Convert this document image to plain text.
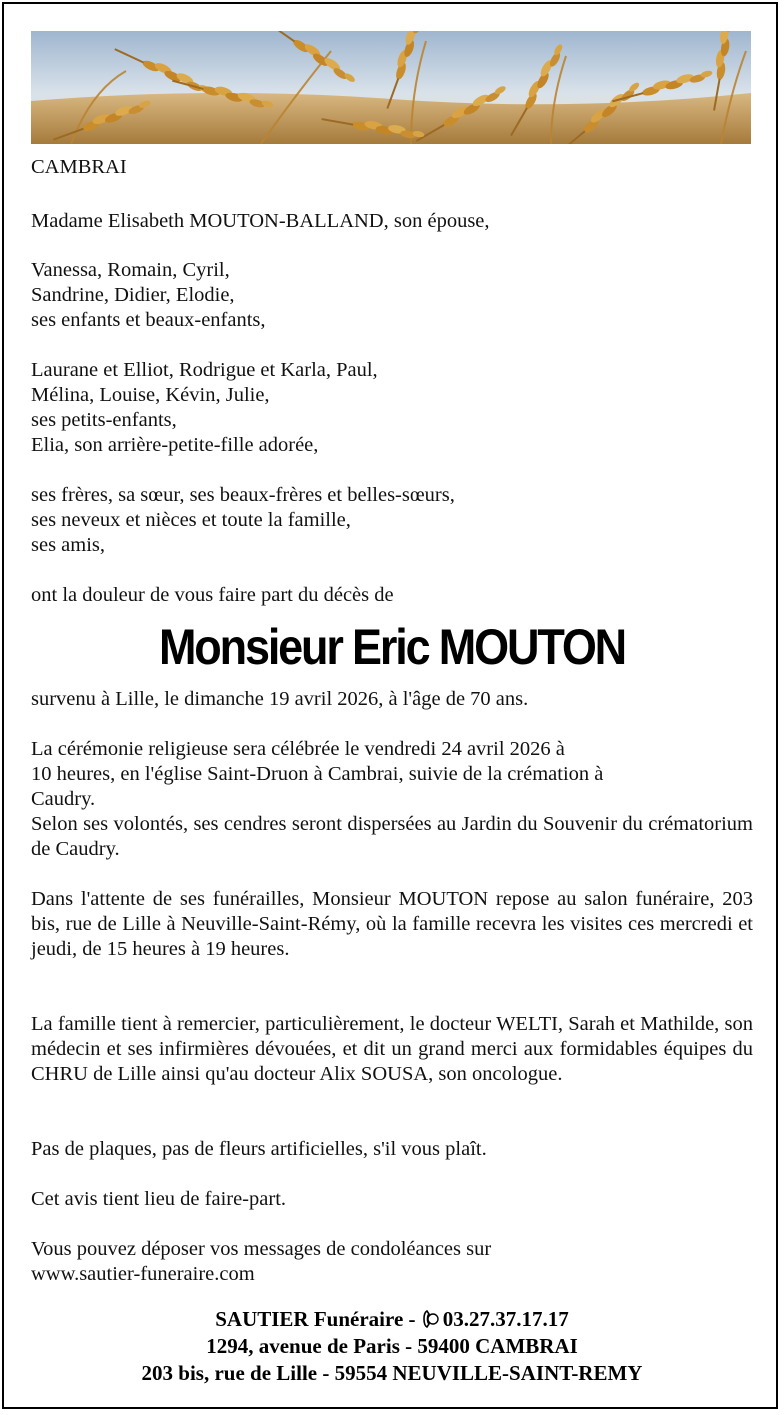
CAMBRAI
Madame Elisabeth MOUTON-BALLAND, son épouse,
Vanessa, Romain, Cyril,
Sandrine, Didier, Elodie,
ses enfants et beaux-enfants,
Laurane et Elliot, Rodrigue et Karla, Paul,
Mélina, Louise, Kévin, Julie,
ses petits-enfants,
Elia, son arrière-petite-fille adorée,
ses frères, sa sœur, ses beaux-frères et belles-sœurs,
ses neveux et nièces et toute la famille,
ses amis,
ont la douleur de vous faire part du décès de
Monsieur Eric MOUTON
survenu à Lille, le dimanche 19 avril 2026, à l'âge de 70 ans.
La cérémonie religieuse sera célébrée le vendredi 24 avril 2026 à
10 heures, en l'église Saint-Druon à Cambrai, suivie de la crémation à
Caudry.
Selon ses volontés, ses cendres seront dispersées au Jardin du Souvenir du crématorium de Caudry.
Dans l'attente de ses funérailles, Monsieur MOUTON repose au salon funéraire, 203 bis, rue de Lille à Neuville-Saint-Rémy, où la famille recevra les visites ces mercredi et jeudi, de 15 heures à 19 heures.
La famille tient à remercier, particulièrement, le docteur WELTI, Sarah et Mathilde, son médecin et ses infirmières dévouées, et dit un grand merci aux formidables équipes du CHRU de Lille ainsi qu'au docteur Alix SOUSA, son oncologue.
Pas de plaques, pas de fleurs artificielles, s'il vous plaît.
Cet avis tient lieu de faire-part.
Vous pouvez déposer vos messages de condoléances sur
www.sautier-funeraire.com
SAUTIER Funéraire - 03.27.37.17.17
1294, avenue de Paris - 59400 CAMBRAI
203 bis, rue de Lille - 59554 NEUVILLE-SAINT-REMY
